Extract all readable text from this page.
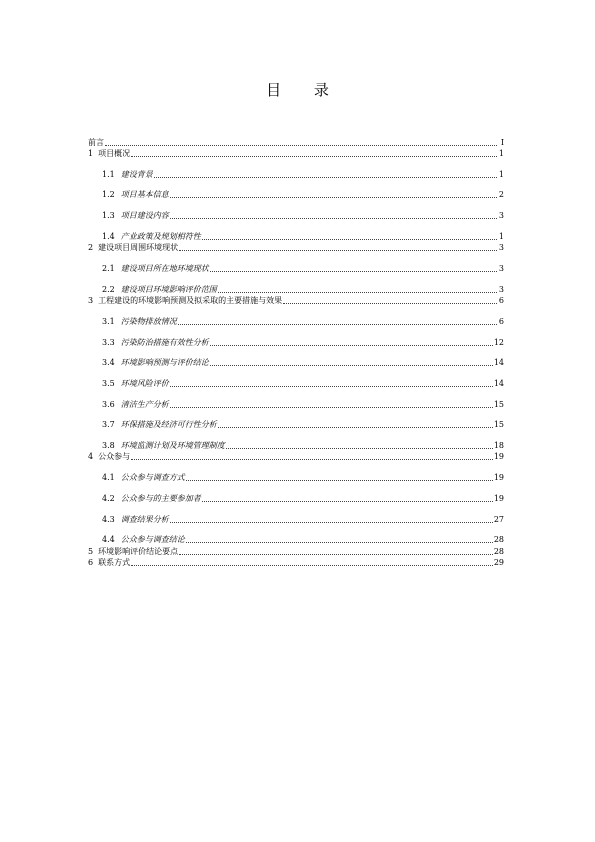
目 录
前言	I
1 项目概况	1
1.1 建设背景	1
1.2 项目基本信息	2
1.3 项目建设内容	3
1.4 产业政策及规划相符性	1
2 建设项目周围环境现状	3
2.1 建设项目所在地环境现状	3
2.2 建设项目环境影响评价范围	3
3 工程建设的环境影响预测及拟采取的主要措施与效果	6
3.1 污染物排放情况	6
3.3 污染防治措施有效性分析	12
3.4 环境影响预测与评价结论	14
3.5 环境风险评价	14
3.6 清洁生产分析	15
3.7 环保措施及经济可行性分析	15
3.8 环境监测计划及环境管理制度	18
4 公众参与	19
4.1 公众参与调查方式	19
4.2 公众参与的主要参加者	19
4.3 调查结果分析	27
4.4 公众参与调查结论	28
5 环境影响评价结论要点	28
6 联系方式	29
